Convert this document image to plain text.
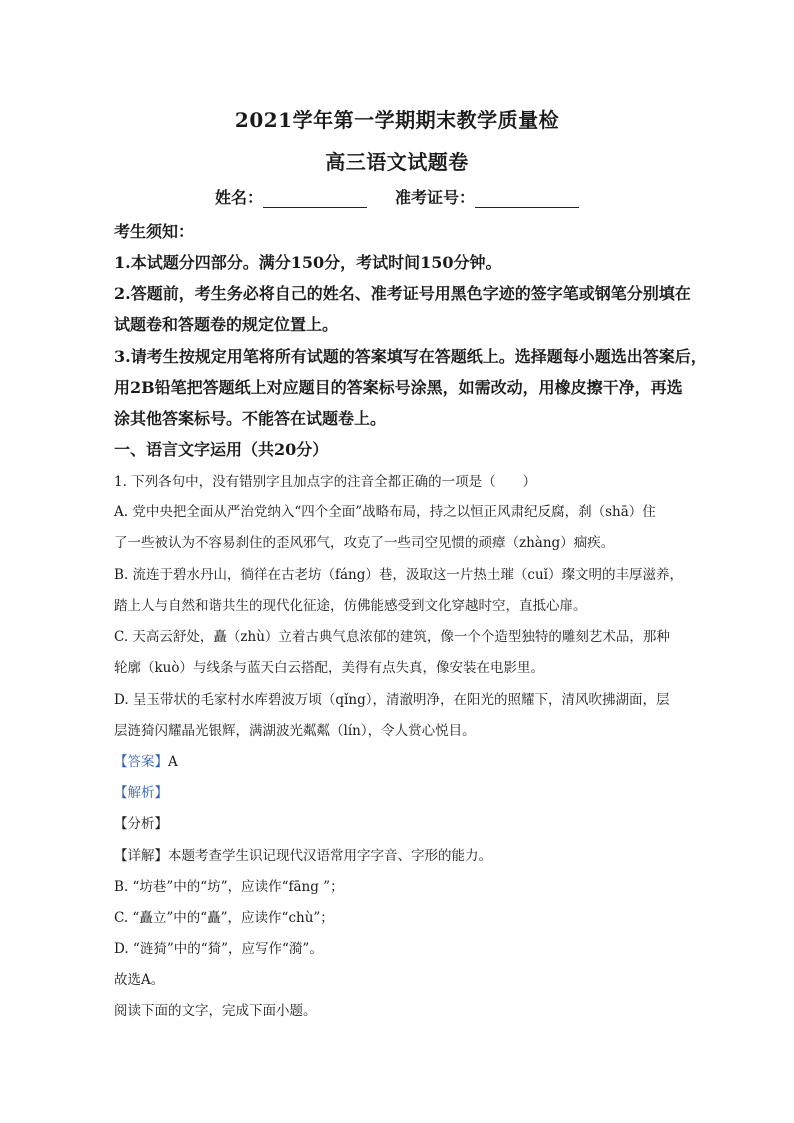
2021学年第一学期期末教学质量检
高三语文试题卷
姓名：	准考证号：
考生须知：
1.本试题分四部分。满分150分，考试时间150分钟。
2.答题前，考生务必将自己的姓名、准考证号用黑色字迹的签字笔或钢笔分别填在
试题卷和答题卷的规定位置上。
3.请考生按规定用笔将所有试题的答案填写在答题纸上。选择题每小题选出答案后，
用2B铅笔把答题纸上对应题目的答案标号涂黑，如需改动，用橡皮擦干净，再选
涂其他答案标号。不能答在试题卷上。
一、语言文字运用（共20分）
1. 下列各句中，没有错别字且加点字的注音全都正确的一项是（　　）
A. 党中央把全面从严治党纳入“四个全面”战略布局，持之以恒正风肃纪反腐，刹（shā）住
了一些被认为不容易刹住的歪风邪气，攻克了一些司空见惯的顽瘴（zhàng）痼疾。
B. 流连于碧水丹山，徜徉在古老坊（fáng）巷，汲取这一片热土璀（cuǐ）璨文明的丰厚滋养，
踏上人与自然和谐共生的现代化征途，仿佛能感受到文化穿越时空，直抵心扉。
C. 天高云舒处，矗（zhù）立着古典气息浓郁的建筑，像一个个造型独特的雕刻艺术品，那种
轮廓（kuò）与线条与蓝天白云搭配，美得有点失真，像安装在电影里。
D. 呈玉带状的毛家村水库碧波万顷（qǐng），清澈明净，在阳光的照耀下，清风吹拂湖面，层
层涟猗闪耀晶光银辉，满湖波光粼粼（lín），令人赏心悦目。
【答案】A
【解析】
【分析】
【详解】本题考查学生识记现代汉语常用字字音、字形的能力。
B. “坊巷”中的“坊”，应读作“fāng ”；
C. “矗立”中的“矗”，应读作“chù”；
D. “涟猗”中的“猗”，应写作“漪”。
故选A。
阅读下面的文字，完成下面小题。
